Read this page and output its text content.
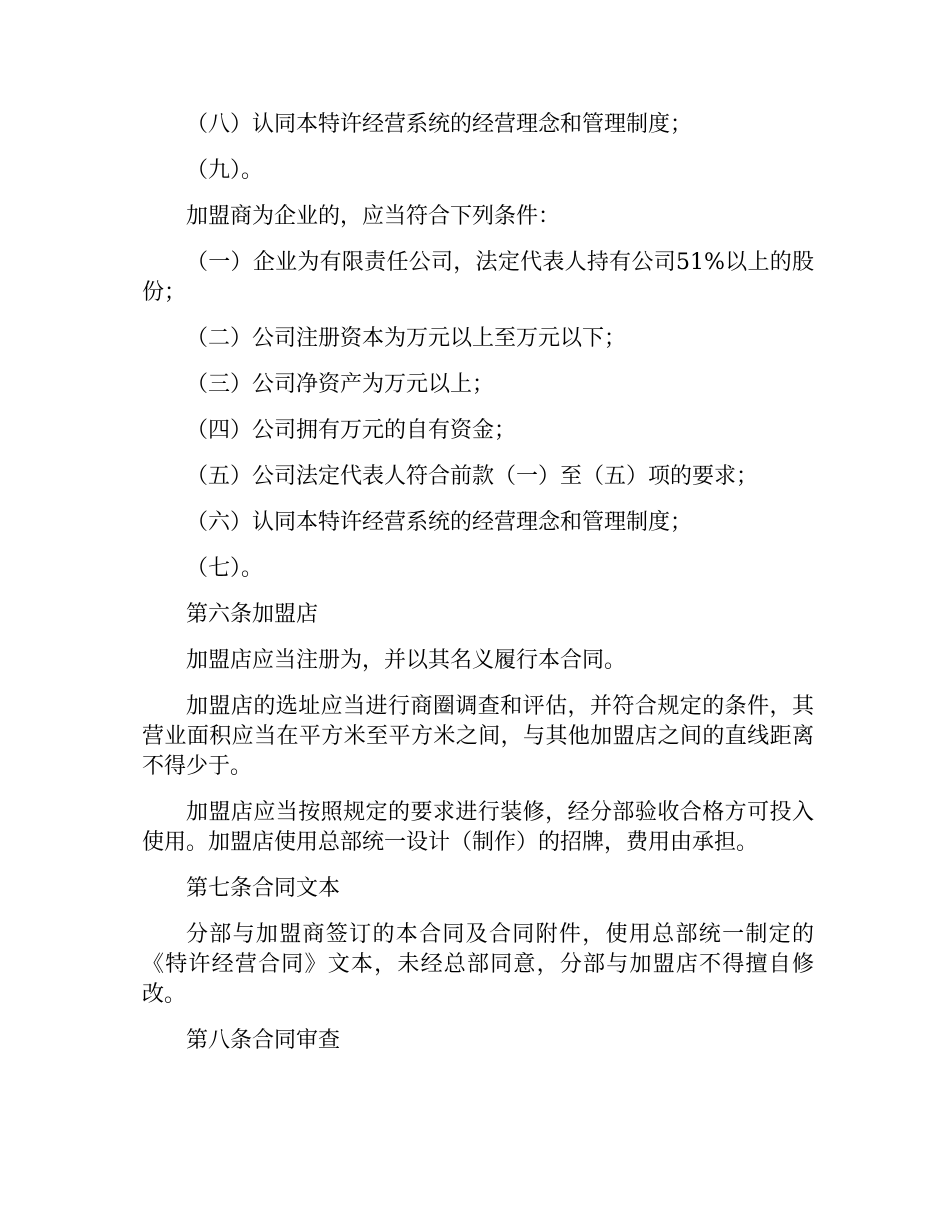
（八）认同本特许经营系统的经营理念和管理制度；

（九）。

加盟商为企业的，应当符合下列条件：

（一）企业为有限责任公司，法定代表人持有公司51%以上的股份；

（二）公司注册资本为万元以上至万元以下；

（三）公司净资产为万元以上；

（四）公司拥有万元的自有资金；

（五）公司法定代表人符合前款（一）至（五）项的要求；

（六）认同本特许经营系统的经营理念和管理制度；

（七）。

第六条加盟店

加盟店应当注册为，并以其名义履行本合同。

加盟店的选址应当进行商圈调查和评估，并符合规定的条件，其营业面积应当在平方米至平方米之间，与其他加盟店之间的直线距离不得少于。

加盟店应当按照规定的要求进行装修，经分部验收合格方可投入使用。加盟店使用总部统一设计（制作）的招牌，费用由承担。

第七条合同文本

分部与加盟商签订的本合同及合同附件，使用总部统一制定的《特许经营合同》文本，未经总部同意，分部与加盟店不得擅自修改。

第八条合同审查
